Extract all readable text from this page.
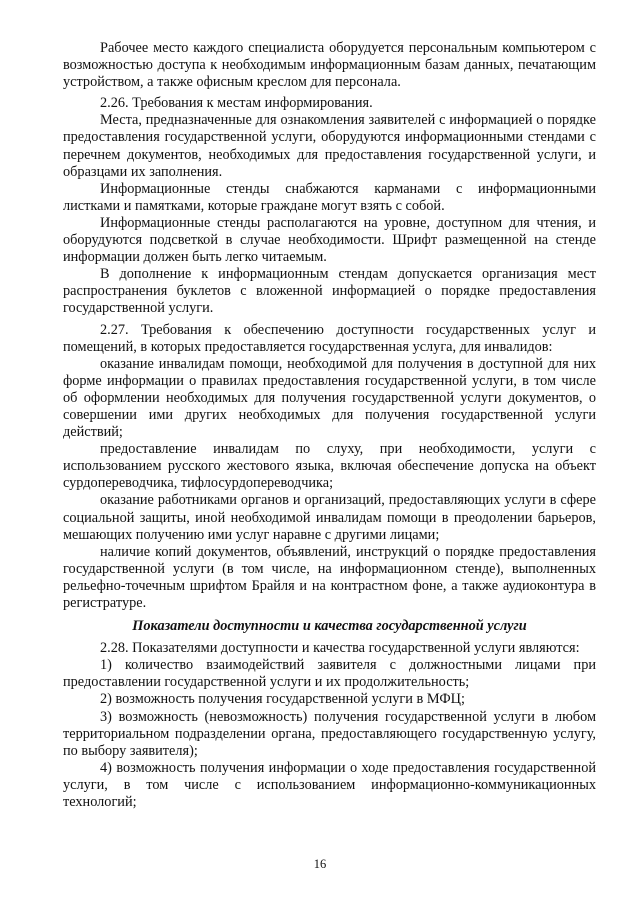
Рабочее место каждого специалиста оборудуется персональным компьютером с возможностью доступа к необходимым информационным базам данных, печатающим устройством, а также офисным креслом для персонала.

2.26. Требования к местам информирования.

Места, предназначенные для ознакомления заявителей с информацией о порядке предоставления государственной услуги, оборудуются информационными стендами с перечнем документов, необходимых для предоставления государственной услуги, и образцами их заполнения.

Информационные стенды снабжаются карманами с информационными листками и памятками, которые граждане могут взять с собой.

Информационные стенды располагаются на уровне, доступном для чтения, и оборудуются подсветкой в случае необходимости. Шрифт размещенной на стенде информации должен быть легко читаемым.

В дополнение к информационным стендам допускается организация мест распространения буклетов с вложенной информацией о порядке предоставления государственной услуги.

2.27. Требования к обеспечению доступности государственных услуг и помещений, в которых предоставляется государственная услуга, для инвалидов:

оказание инвалидам помощи, необходимой для получения в доступной для них форме информации о правилах предоставления государственной услуги, в том числе об оформлении необходимых для получения государственной услуги документов, о совершении ими других необходимых для получения государственной услуги действий;

предоставление инвалидам по слуху, при необходимости, услуги с использованием русского жестового языка, включая обеспечение допуска на объект сурдопереводчика, тифлосурдопереводчика;

оказание работниками органов и организаций, предоставляющих услуги в сфере социальной защиты, иной необходимой инвалидам помощи в преодолении барьеров, мешающих получению ими услуг наравне с другими лицами;

наличие копий документов, объявлений, инструкций о порядке предоставления государственной услуги (в том числе, на информационном стенде), выполненных рельефно-точечным шрифтом Брайля и на контрастном фоне, а также аудиоконтура в регистратуре.

Показатели доступности и качества государственной услуги

2.28. Показателями доступности и качества государственной услуги являются:

1) количество взаимодействий заявителя с должностными лицами при предоставлении государственной услуги и их продолжительность;

2) возможность получения государственной услуги в МФЦ;

3) возможность (невозможность) получения государственной услуги в любом территориальном подразделении органа, предоставляющего государственную услугу, по выбору заявителя);

4) возможность получения информации о ходе предоставления государственной услуги, в том числе с использованием информационно-коммуникационных технологий;

16
